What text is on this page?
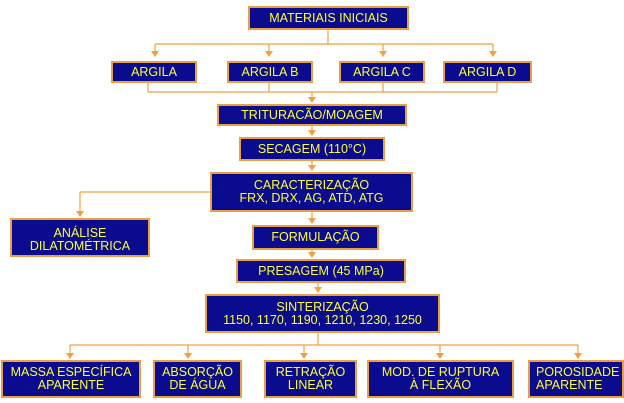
MATERIAIS INICIAIS
ARGILA	ARGILA B	ARGILA C	ARGILA D
TRITURACÃO/MOAGEM
SECAGEM (110°C)
CARACTERIZAÇÃO
FRX, DRX, AG, ATD, ATG
ANÁLISE
DILATOMÉTRICA
FORMULAÇÃO
PRESAGEM (45 MPa)
SINTERIZAÇÃO
1150, 1170, 1190, 1210, 1230, 1250
MASSA ESPECÍFICA
APARENTE
ABSORÇÃO
DE ÁGUA
RETRAÇÃO
LINEAR
MOD. DE RUPTURA
À FLEXÃO
POROSIDADE
APARENTE
